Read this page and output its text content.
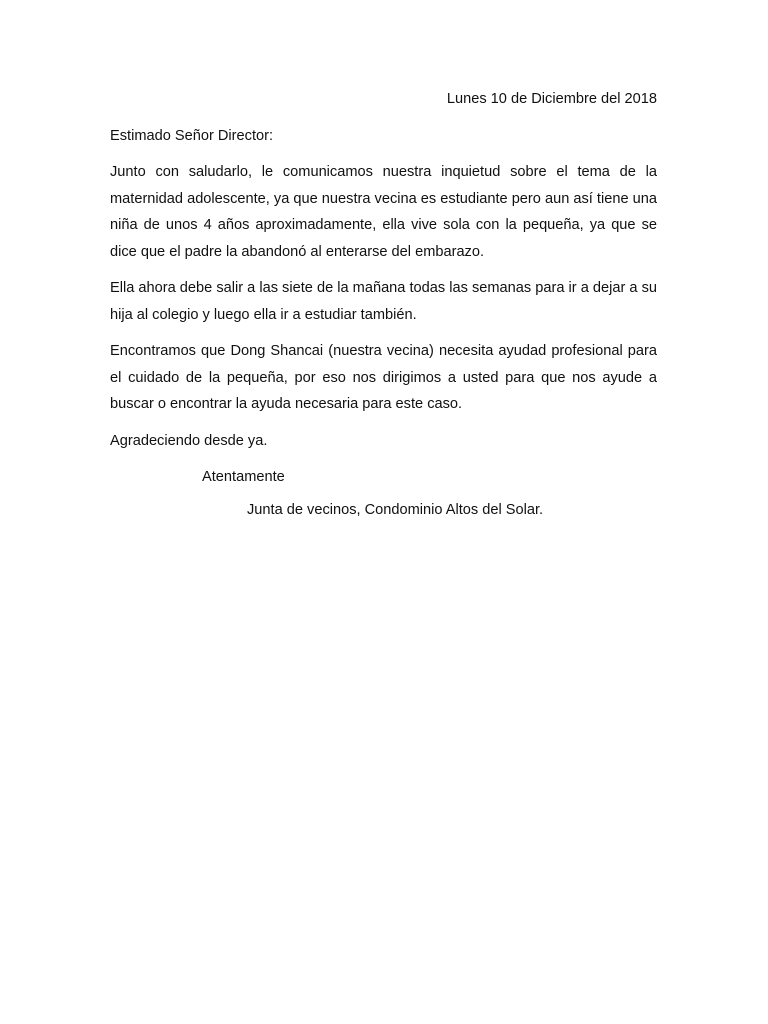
Lunes 10 de Diciembre del 2018

Estimado Señor Director:

Junto con saludarlo, le comunicamos nuestra inquietud sobre el tema de la maternidad adolescente, ya que nuestra vecina es estudiante pero aun así tiene una niña de unos 4 años aproximadamente, ella vive sola con la pequeña, ya que se dice que el padre la abandonó al enterarse del embarazo.

Ella ahora debe salir a las siete de la mañana todas las semanas para ir a dejar a su hija al colegio y luego ella ir a estudiar también.

Encontramos que Dong Shancai (nuestra vecina) necesita ayudad profesional para el cuidado de la pequeña, por eso nos dirigimos a usted para que nos ayude a buscar o encontrar la ayuda necesaria para este caso.

Agradeciendo desde ya.

Atentamente

Junta de vecinos, Condominio Altos del Solar.
